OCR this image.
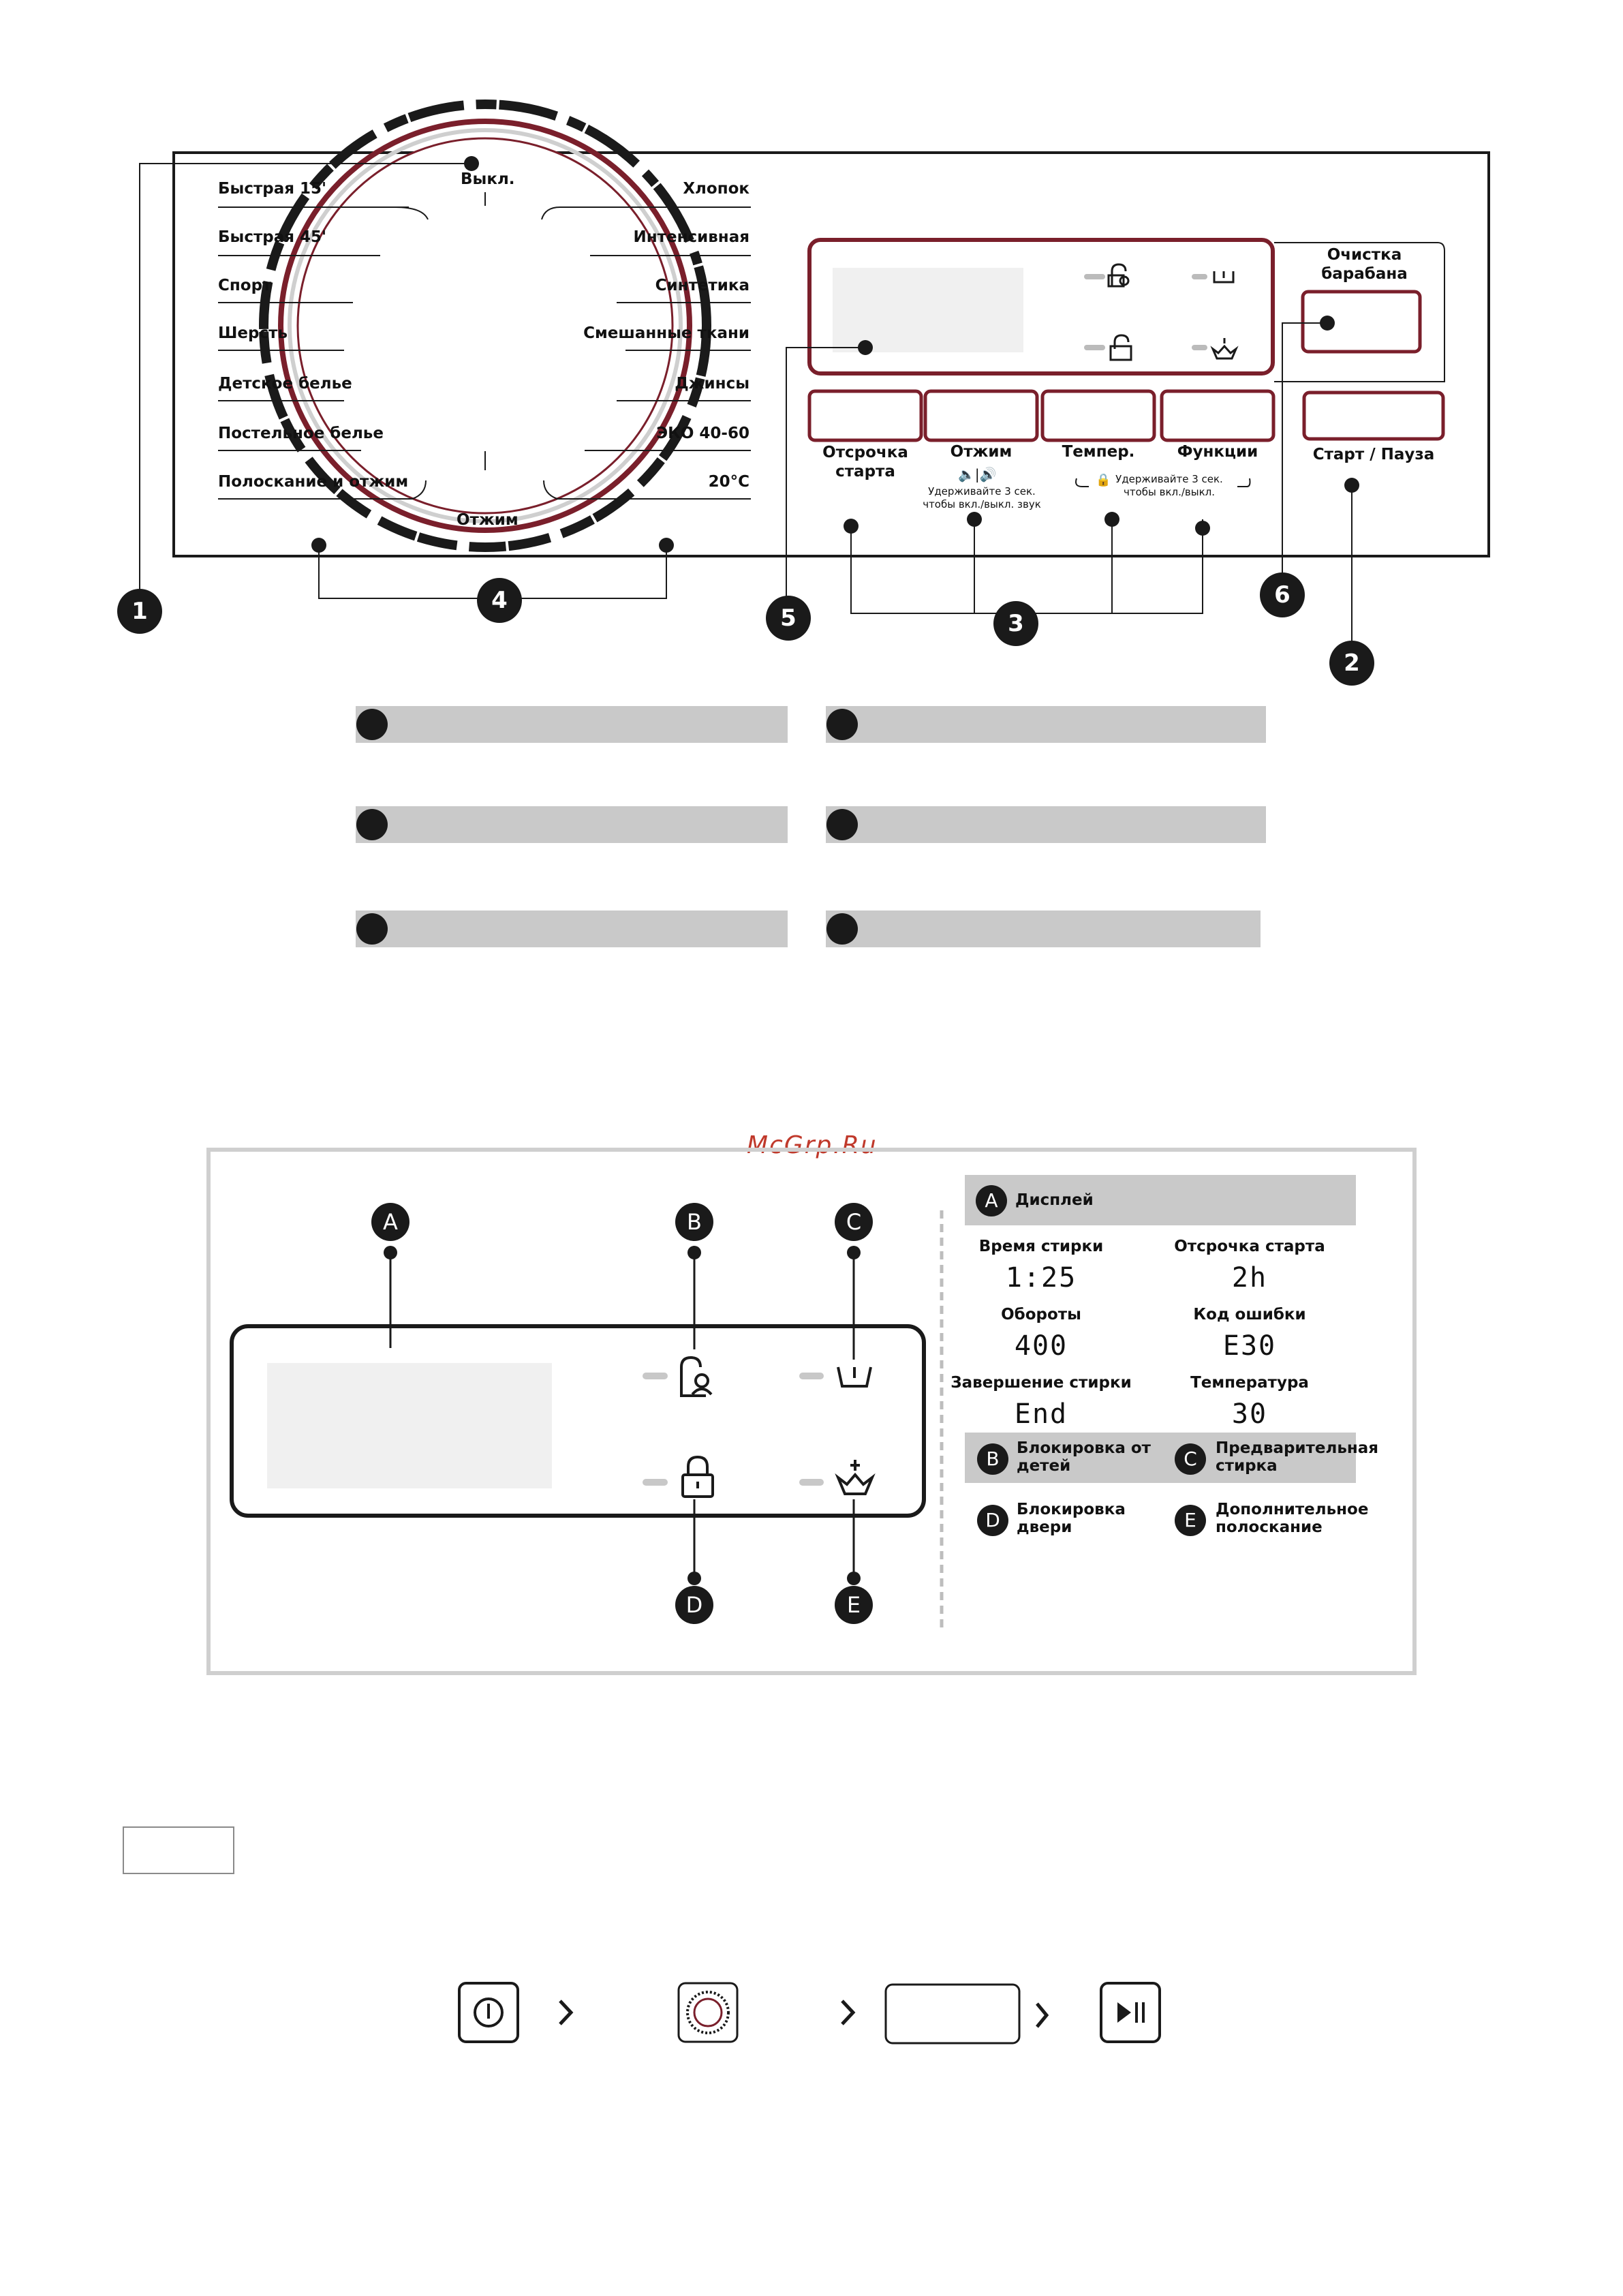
1	4
5	3
6
2
Выкл.
Отжим
Быстрая 15'
Быстрая 45'
Спорт
Шерсть
Детское белье
Постельное белье
Полоскание и отжим
Хлопок
Интенсивная
Синтетика
Смешанные ткани
Джинсы
ЭКО 40-60
20°C
Отсрочка старта
Отжим
🔈|🔊
Удерживайте 3 сек. чтобы вкл./выкл. звук
Темпер.	Функции
🔒 Удерживайте 3 сек. чтобы вкл./выкл.
Очистка барабана
Старт / Пауза
McGrp.Ru
A	B	C
D	E
A	Дисплей
Время стирки
1:25
Отсрочка старта
2h
Обороты
400
Код ошибки
E30
Завершение стирки
End
Температура
30
B	Блокировка от детей	C	Предварительная стирка
D	Блокировка двери	E	Дополнительное полоскание
